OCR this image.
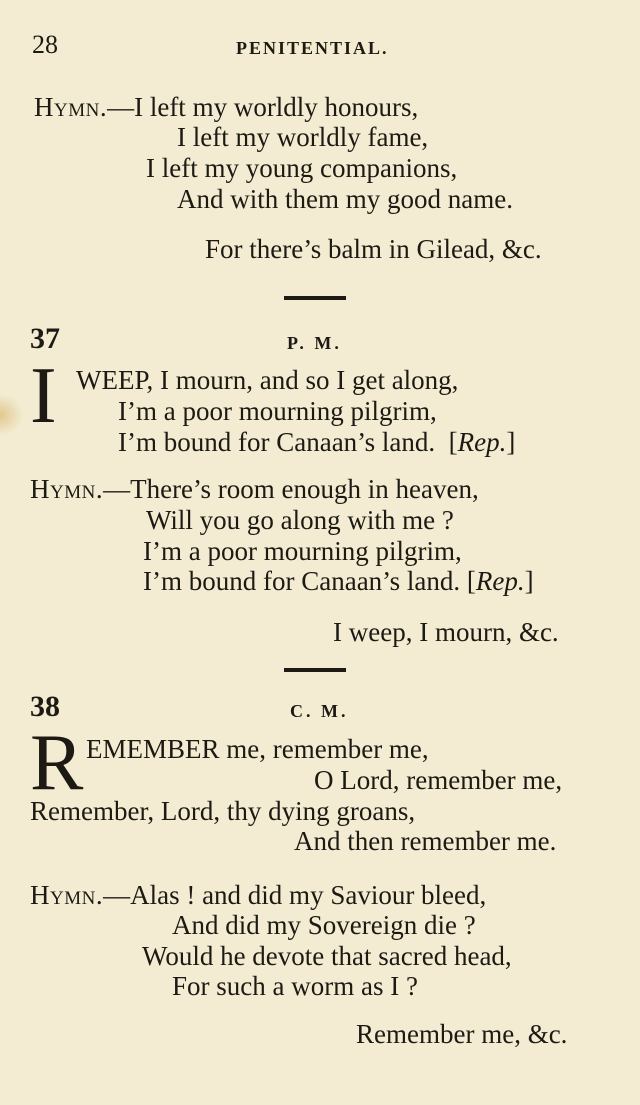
28	PENITENTIAL.
Hymn.—I left my worldly honours,
I left my worldly fame,
I left my young companions,
And with them my good name.
For there’s balm in Gilead, &c.
37	P. M.
I WEEP, I mourn, and so I get along,
I’m a poor mourning pilgrim,
I’m bound for Canaan’s land.  [Rep.]
Hymn.—There’s room enough in heaven,
Will you go along with me ?
I’m a poor mourning pilgrim,
I’m bound for Canaan’s land. [Rep.]
I weep, I mourn, &c.
38	C. M.
R EMEMBER me, remember me,
O Lord, remember me,
Remember, Lord, thy dying groans,
And then remember me.
Hymn.—Alas ! and did my Saviour bleed,
And did my Sovereign die ?
Would he devote that sacred head,
For such a worm as I ?
Remember me, &c.
